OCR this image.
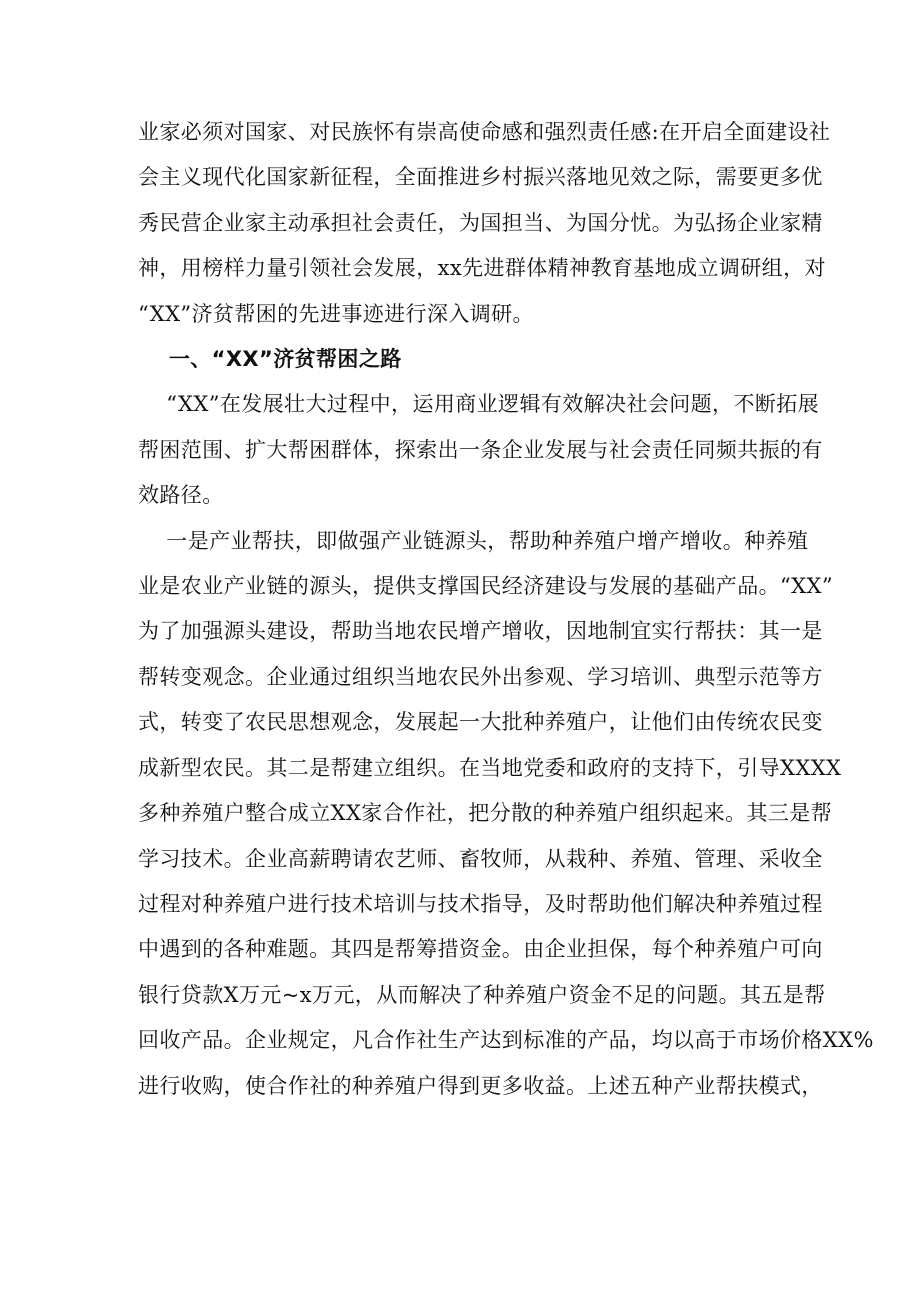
业家必须对国家、对民族怀有崇高使命感和强烈责任感:在开启全面建设社
会主义现代化国家新征程，全面推进乡村振兴落地见效之际，需要更多优
秀民营企业家主动承担社会责任，为国担当、为国分忧。为弘扬企业家精
神，用榜样力量引领社会发展，xx先进群体精神教育基地成立调研组，对
“XX”济贫帮困的先进事迹进行深入调研。
一、“XX”济贫帮困之路
“XX”在发展壮大过程中，运用商业逻辑有效解决社会问题，不断拓展
帮困范围、扩大帮困群体，探索出一条企业发展与社会责任同频共振的有
效路径。
一是产业帮扶，即做强产业链源头，帮助种养殖户增产增收。种养殖
业是农业产业链的源头，提供支撑国民经济建设与发展的基础产品。“XX”
为了加强源头建设，帮助当地农民增产增收，因地制宜实行帮扶：其一是
帮转变观念。企业通过组织当地农民外出参观、学习培训、典型示范等方
式，转变了农民思想观念，发展起一大批种养殖户，让他们由传统农民变
成新型农民。其二是帮建立组织。在当地党委和政府的支持下，引导XXXX
多种养殖户整合成立XX家合作社，把分散的种养殖户组织起来。其三是帮
学习技术。企业高薪聘请农艺师、畜牧师，从栽种、养殖、管理、采收全
过程对种养殖户进行技术培训与技术指导，及时帮助他们解决种养殖过程
中遇到的各种难题。其四是帮筹措资金。由企业担保，每个种养殖户可向
银行贷款X万元~x万元，从而解决了种养殖户资金不足的问题。其五是帮
回收产品。企业规定，凡合作社生产达到标准的产品，均以高于市场价格XX%
进行收购，使合作社的种养殖户得到更多收益。上述五种产业帮扶模式，
